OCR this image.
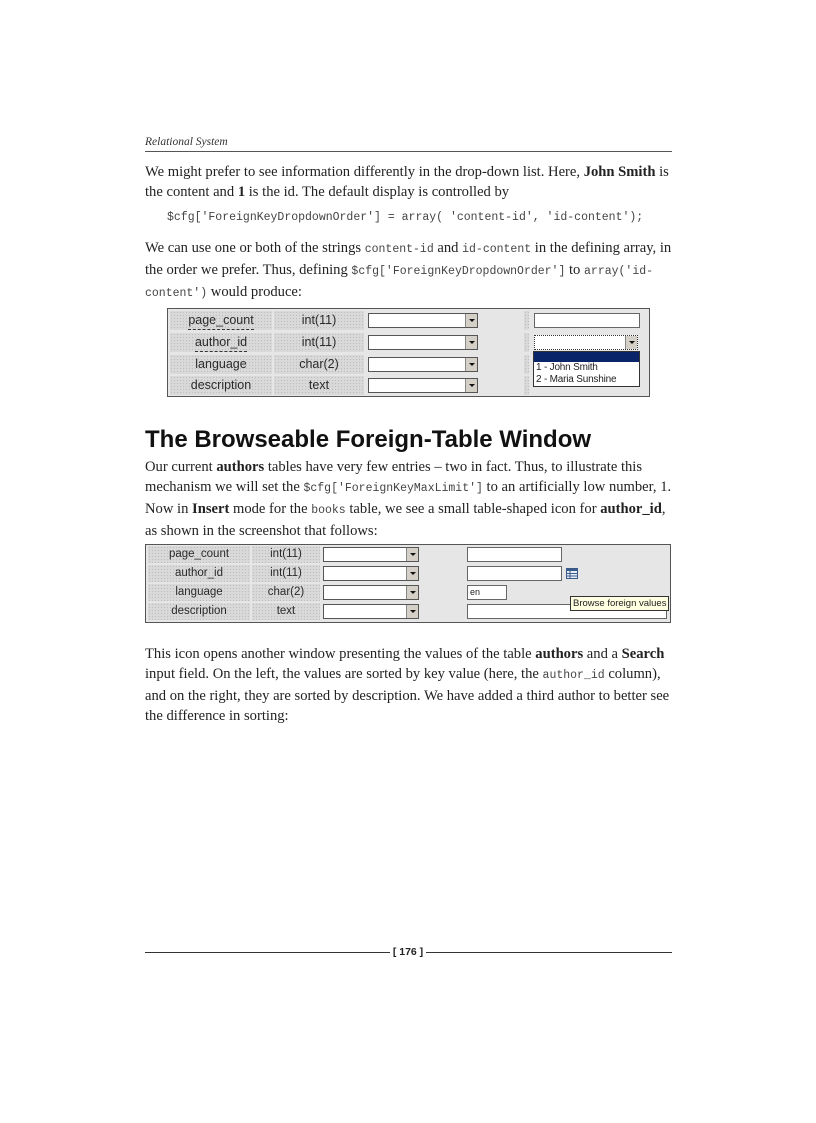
Relational System

We might prefer to see information differently in the drop-down list. Here, John Smith is the content and 1 is the id. The default display is controlled by

$cfg['ForeignKeyDropdownOrder'] = array( 'content-id', 'id-content');

We can use one or both of the strings content-id and id-content in the defining array, in the order we prefer. Thus, defining $cfg['ForeignKeyDropdownOrder'] to array('id-content') would produce:

page_count	int(11)
author_id	int(11)
language	char(2)
description	text
1 - John Smith
2 - Maria Sunshine
The Browseable Foreign-Table Window

Our current authors tables have very few entries – two in fact. Thus, to illustrate this mechanism we will set the $cfg['ForeignKeyMaxLimit'] to an artificially low number, 1. Now in Insert mode for the books table, we see a small table-shaped icon for author_id, as shown in the screenshot that follows:

page_count	int(11)
author_id	int(11)
language	char(2)	en
description	text
Browse foreign values

This icon opens another window presenting the values of the table authors and a Search input field. On the left, the values are sorted by key value (here, the author_id column), and on the right, they are sorted by description. We have added a third author to better see the difference in sorting:

[ 176 ]
